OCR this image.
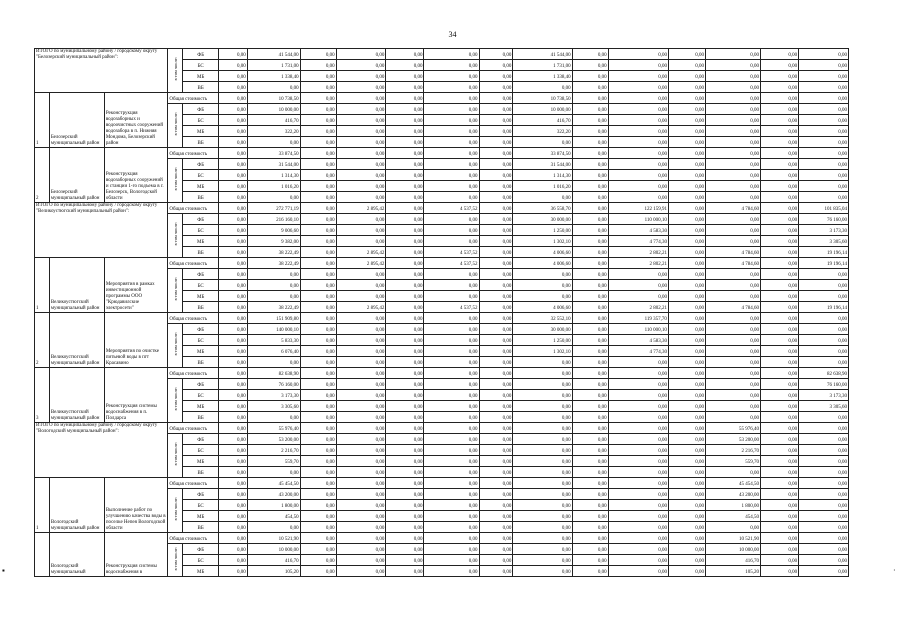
34
▪	·
ИТОГО по муниципальному району / городскому округу "Белозерский муниципальный район":			в том числе:	ФБ	0,00	41 544,00	0,00	0,00	0,00	0,00	0,00	41 544,00	0,00	0,00	0,00	0,00	0,00	0,00
				БС	0,00	1 731,00	0,00	0,00	0,00	0,00	0,00	1 731,00	0,00	0,00	0,00	0,00	0,00	0,00
				МБ	0,00	1 338,40	0,00	0,00	0,00	0,00	0,00	1 338,40	0,00	0,00	0,00	0,00	0,00	0,00
				ВБ	0,00	0,00	0,00	0,00	0,00	0,00	0,00	0,00	0,00	0,00	0,00	0,00	0,00	0,00
1	Белозерский муниципальный район	Реконструкция водозаборных и водоочистных сооружений водозабора в п. Нижняя Мондома, Белозерский район	Общая стоимость		0,00	10 738,50	0,00	0,00	0,00	0,00	0,00	10 738,50	0,00	0,00	0,00	0,00	0,00	0,00
			в том числе:	ФБ	0,00	10 000,00	0,00	0,00	0,00	0,00	0,00	10 000,00	0,00	0,00	0,00	0,00	0,00	0,00
				БС	0,00	416,70	0,00	0,00	0,00	0,00	0,00	416,70	0,00	0,00	0,00	0,00	0,00	0,00
				МБ	0,00	322,20	0,00	0,00	0,00	0,00	0,00	322,20	0,00	0,00	0,00	0,00	0,00	0,00
				ВБ	0,00	0,00	0,00	0,00	0,00	0,00	0,00	0,00	0,00	0,00	0,00	0,00	0,00	0,00
2	Белозерский муниципальный район	Реконструкция водозаборных сооружений и станции 1-го подъема в г. Белозерск, Вологодской области	Общая стоимость		0,00	33 874,50	0,00	0,00	0,00	0,00	0,00	33 874,50	0,00	0,00	0,00	0,00	0,00	0,00
			в том числе:	ФБ	0,00	31 544,00	0,00	0,00	0,00	0,00	0,00	31 544,00	0,00	0,00	0,00	0,00	0,00	0,00
				БС	0,00	1 314,30	0,00	0,00	0,00	0,00	0,00	1 314,30	0,00	0,00	0,00	0,00	0,00	0,00
				МБ	0,00	1 016,20	0,00	0,00	0,00	0,00	0,00	1 016,20	0,00	0,00	0,00	0,00	0,00	0,00
				ВБ	0,00	0,00	0,00	0,00	0,00	0,00	0,00	0,00	0,00	0,00	0,00	0,00	0,00	0,00
ИТОГО по муниципальному району / городскому округу "Великоустюгский муниципальный район":			Общая стоимость		0,00	272 771,19	0,00	2 895,42	0,00	4 537,52	0,00	36 558,70	0,00	122 159,91	0,00	4 784,60	0,00	101 835,04
			в том числе:	ФБ	0,00	216 160,10	0,00	0,00	0,00	0,00	0,00	30 000,00	0,00	110 000,10	0,00	0,00	0,00	76 160,00
				БС	0,00	9 006,60	0,00	0,00	0,00	0,00	0,00	1 250,00	0,00	4 583,30	0,00	0,00	0,00	3 173,30
				МБ	0,00	9 382,00	0,00	0,00	0,00	0,00	0,00	1 302,10	0,00	4 774,30	0,00	0,00	0,00	3 305,60
				ВБ	0,00	38 222,49	0,00	2 895,42	0,00	4 537,52	0,00	4 006,60	0,00	2 802,21	0,00	4 784,60	0,00	19 196,14
1	Великоустюгский муниципальный район	Мероприятия в рамках инвестиционной программы ООО "Крюдавилские электросети"	Общая стоимость		0,00	38 222,49	0,00	2 895,42	0,00	4 537,52	0,00	4 006,60	0,00	2 802,21	0,00	4 784,60	0,00	19 196,14
			в том числе:	ФБ	0,00	0,00	0,00	0,00	0,00	0,00	0,00	0,00	0,00	0,00	0,00	0,00	0,00	0,00
				БС	0,00	0,00	0,00	0,00	0,00	0,00	0,00	0,00	0,00	0,00	0,00	0,00	0,00	0,00
				МБ	0,00	0,00	0,00	0,00	0,00	0,00	0,00	0,00	0,00	0,00	0,00	0,00	0,00	0,00
				ВБ	0,00	38 222,49	0,00	2 895,42	0,00	4 537,52	0,00	4 006,60	0,00	2 802,21	0,00	4 784,60	0,00	19 196,14
2	Великоустюгский муниципальный район	Мероприятия по очистке питьевой воды в пгт Красавино	Общая стоимость		0,00	151 909,80	0,00	0,00	0,00	0,00	0,00	32 552,10	0,00	119 357,70	0,00	0,00	0,00	0,00
			в том числе:	ФБ	0,00	140 000,10	0,00	0,00	0,00	0,00	0,00	30 000,00	0,00	110 000,10	0,00	0,00	0,00	0,00
				БС	0,00	5 833,30	0,00	0,00	0,00	0,00	0,00	1 250,00	0,00	4 583,30	0,00	0,00	0,00	0,00
				МБ	0,00	6 076,40	0,00	0,00	0,00	0,00	0,00	1 302,10	0,00	4 774,30	0,00	0,00	0,00	0,00
				ВБ	0,00	0,00	0,00	0,00	0,00	0,00	0,00	0,00	0,00	0,00	0,00	0,00	0,00	0,00
3	Великоустюгский муниципальный район	Реконструкция системы водоснабжения в п. Полдарса	Общая стоимость		0,00	82 638,90	0,00	0,00	0,00	0,00	0,00	0,00	0,00	0,00	0,00	0,00	0,00	82 638,90
			в том числе:	ФБ	0,00	76 160,00	0,00	0,00	0,00	0,00	0,00	0,00	0,00	0,00	0,00	0,00	0,00	76 160,00
				БС	0,00	3 173,30	0,00	0,00	0,00	0,00	0,00	0,00	0,00	0,00	0,00	0,00	0,00	3 173,30
				МБ	0,00	3 305,60	0,00	0,00	0,00	0,00	0,00	0,00	0,00	0,00	0,00	0,00	0,00	3 305,60
				ВБ	0,00	0,00	0,00	0,00	0,00	0,00	0,00	0,00	0,00	0,00	0,00	0,00	0,00	0,00
ИТОГО по муниципальному району / городскому округу "Вологодский муниципальный район":			Общая стоимость		0,00	55 976,40	0,00	0,00	0,00	0,00	0,00	0,00	0,00	0,00	0,00	55 976,40	0,00	0,00
			в том числе:	ФБ	0,00	53 200,00	0,00	0,00	0,00	0,00	0,00	0,00	0,00	0,00	0,00	53 200,00	0,00	0,00
				БС	0,00	2 216,70	0,00	0,00	0,00	0,00	0,00	0,00	0,00	0,00	0,00	2 216,70	0,00	0,00
				МБ	0,00	559,70	0,00	0,00	0,00	0,00	0,00	0,00	0,00	0,00	0,00	559,70	0,00	0,00
				ВБ	0,00	0,00	0,00	0,00	0,00	0,00	0,00	0,00	0,00	0,00	0,00	0,00	0,00	0,00
1	Вологодский муниципальный район	Выполнение работ по улучшению качества воды в поселке Непея Вологодской области	Общая стоимость		0,00	45 454,50	0,00	0,00	0,00	0,00	0,00	0,00	0,00	0,00	0,00	45 454,50	0,00	0,00
			в том числе:	ФБ	0,00	43 200,00	0,00	0,00	0,00	0,00	0,00	0,00	0,00	0,00	0,00	43 200,00	0,00	0,00
				БС	0,00	1 800,00	0,00	0,00	0,00	0,00	0,00	0,00	0,00	0,00	0,00	1 800,00	0,00	0,00
				МБ	0,00	454,50	0,00	0,00	0,00	0,00	0,00	0,00	0,00	0,00	0,00	454,50	0,00	0,00
				ВБ	0,00	0,00	0,00	0,00	0,00	0,00	0,00	0,00	0,00	0,00	0,00	0,00	0,00	0,00
	Вологодский муниципальный	Реконструкция системы водоснабжения в	Общая стоимость		0,00	10 521,90	0,00	0,00	0,00	0,00	0,00	0,00	0,00	0,00	0,00	10 521,90	0,00	0,00
			в том числе:	ФБ	0,00	10 000,00	0,00	0,00	0,00	0,00	0,00	0,00	0,00	0,00	0,00	10 000,00	0,00	0,00
				БС	0,00	416,70	0,00	0,00	0,00	0,00	0,00	0,00	0,00	0,00	0,00	416,70	0,00	0,00
				МБ	0,00	105,20	0,00	0,00	0,00	0,00	0,00	0,00	0,00	0,00	0,00	105,20	0,00	0,00
